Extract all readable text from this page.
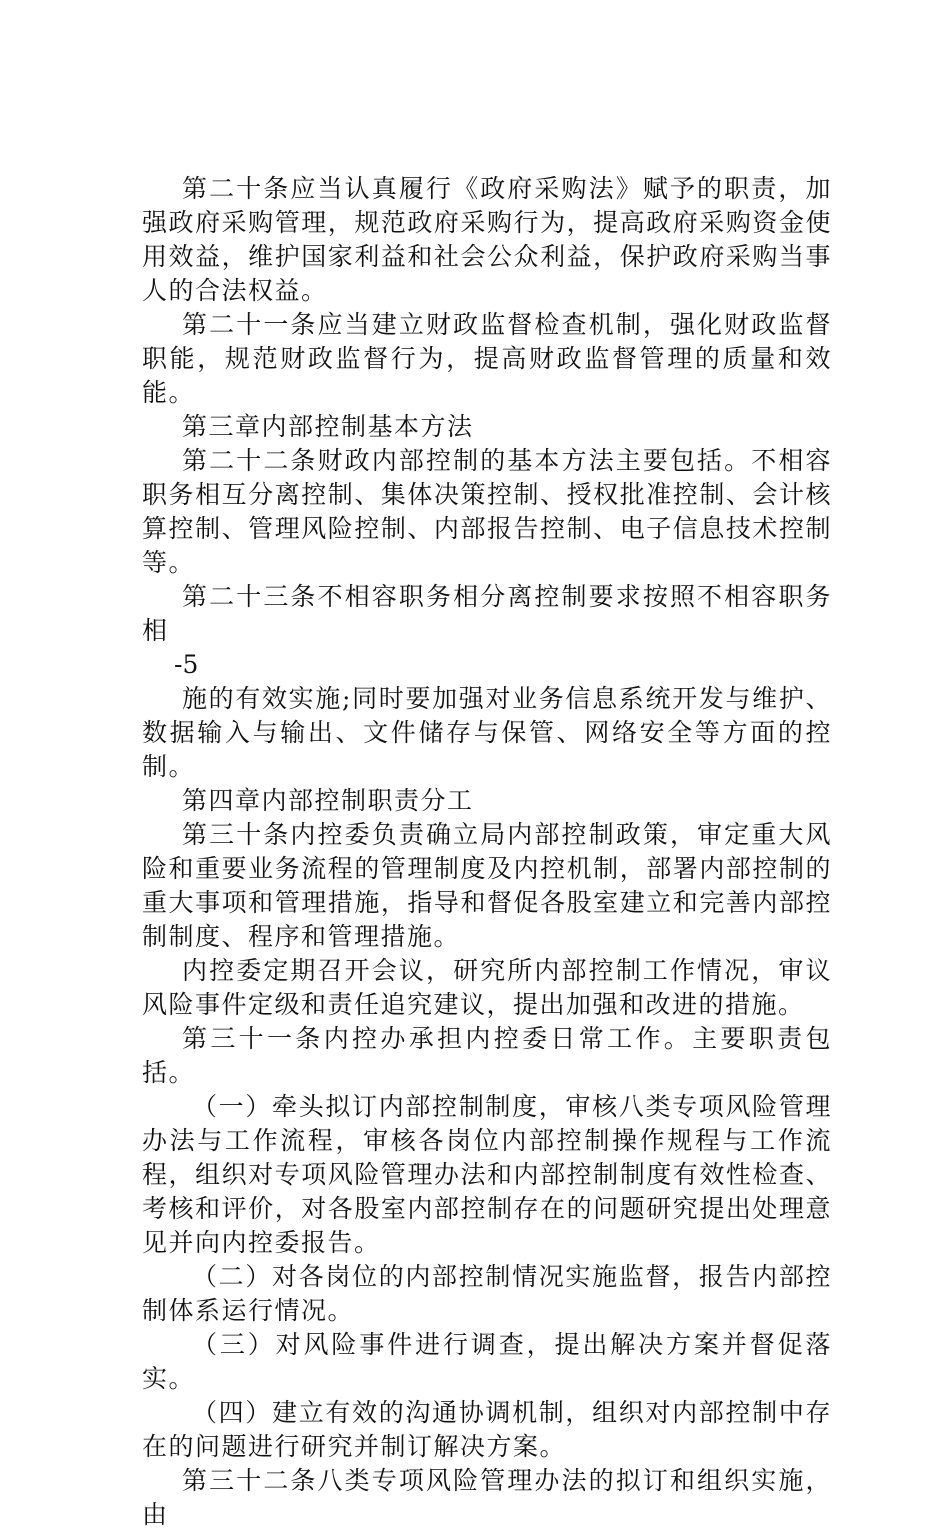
第二十条应当认真履行《政府采购法》赋予的职责，加强政府采购管理，规范政府采购行为，提高政府采购资金使用效益，维护国家利益和社会公众利益，保护政府采购当事人的合法权益。

第二十一条应当建立财政监督检查机制，强化财政监督职能，规范财政监督行为，提高财政监督管理的质量和效能。

第三章内部控制基本方法

第二十二条财政内部控制的基本方法主要包括。不相容职务相互分离控制、集体决策控制、授权批准控制、会计核算控制、管理风险控制、内部报告控制、电子信息技术控制等。

第二十三条不相容职务相分离控制要求按照不相容职务相

-5

施的有效实施;同时要加强对业务信息系统开发与维护、数据输入与输出、文件储存与保管、网络安全等方面的控制。

第四章内部控制职责分工

第三十条内控委负责确立局内部控制政策，审定重大风险和重要业务流程的管理制度及内控机制，部署内部控制的重大事项和管理措施，指导和督促各股室建立和完善内部控制制度、程序和管理措施。

内控委定期召开会议，研究所内部控制工作情况，审议风险事件定级和责任追究建议，提出加强和改进的措施。

第三十一条内控办承担内控委日常工作。主要职责包括。

（一）牵头拟订内部控制制度，审核八类专项风险管理办法与工作流程，审核各岗位内部控制操作规程与工作流程，组织对专项风险管理办法和内部控制制度有效性检查、考核和评价，对各股室内部控制存在的问题研究提出处理意见并向内控委报告。

（二）对各岗位的内部控制情况实施监督，报告内部控制体系运行情况。

（三）对风险事件进行调查，提出解决方案并督促落实。

（四）建立有效的沟通协调机制，组织对内部控制中存在的问题进行研究并制订解决方案。

第三十二条八类专项风险管理办法的拟订和组织实施，由
